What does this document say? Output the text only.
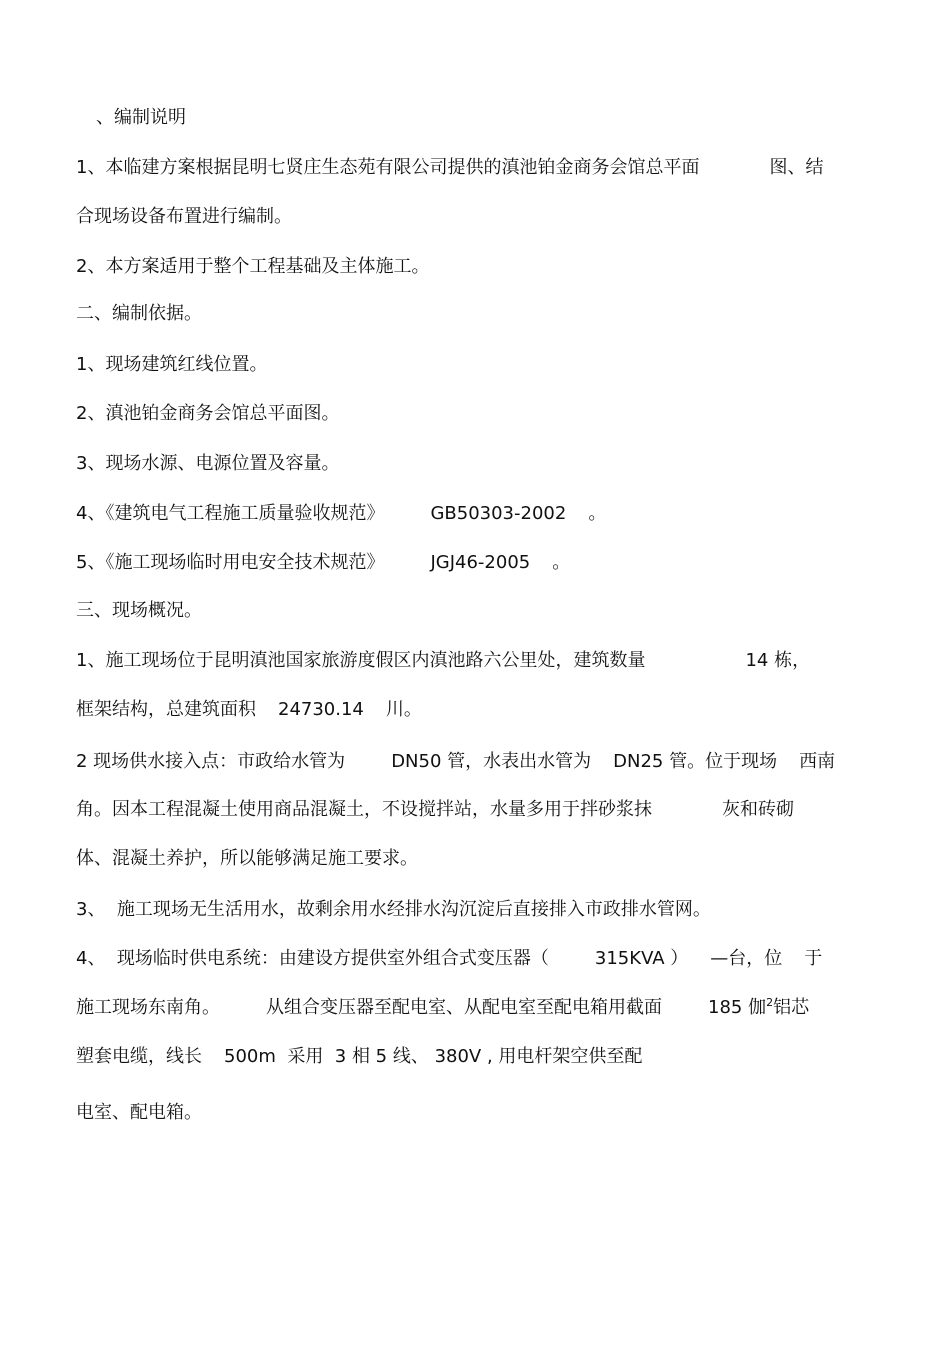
、编制说明
1、本临建方案根据昆明七贤庄生态苑有限公司提供的滇池铂金商务会馆总平面	图、结
合现场设备布置进行编制。
2、本方案适用于整个工程基础及主体施工。
二、编制依据。
1、现场建筑红线位置。
2、滇池铂金商务会馆总平面图。
3、现场水源、电源位置及容量。
4、《建筑电气工程施工质量验收规范》	GB50303-2002 。
5、《施工现场临时用电安全技术规范》	JGJ46-2005 。
三、现场概况。
1、施工现场位于昆明滇池国家旅游度假区内滇池路六公里处，建筑数量	14 栋，
框架结构，总建筑面积 24730.14 川。
2 现场供水接入点：市政给水管为	DN50 管，水表出水管为 DN25 管。位于现场 西南
角。因本工程混凝土使用商品混凝土，不设搅拌站，水量多用于拌砂浆抹	灰和砖砌
体、混凝土养护，所以能够满足施工要求。
3、  施工现场无生活用水，故剩余用水经排水沟沉淀后直接排入市政排水管网。
4、  现场临时供电系统：由建设方提供室外组合式变压器（	315KVA ） —台，位 于
施工现场东南角。	从组合变压器至配电室、从配电室至配电箱用截面	185 伽$^2$铝芯
塑套电缆，线长 500m  采用  3 相 5 线、 380V , 用电杆架空供至配
电室、配电箱。
